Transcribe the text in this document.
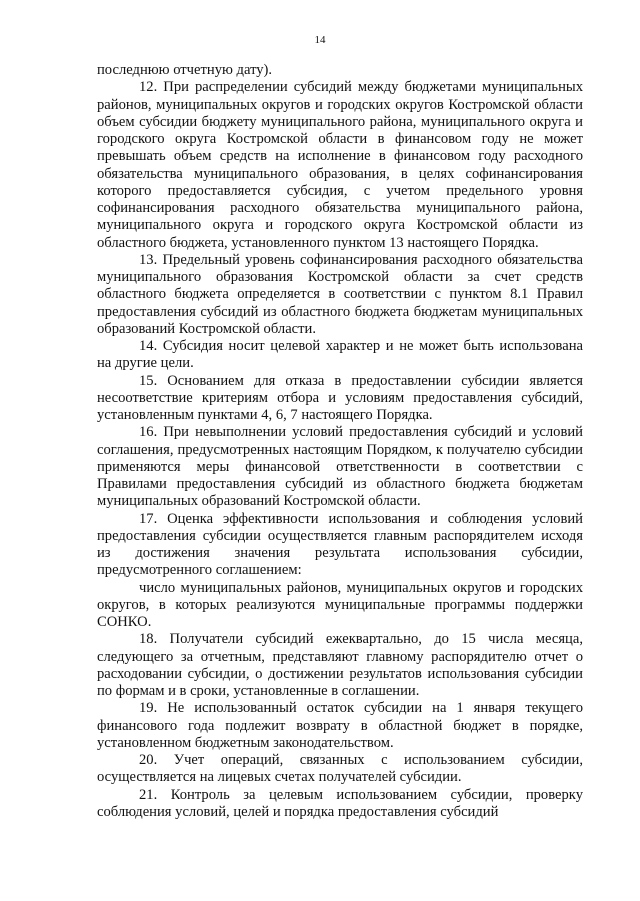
14

последнюю отчетную дату).

12. При распределении субсидий между бюджетами муниципальных районов, муниципальных округов и городских округов Костромской области объем субсидии бюджету муниципального района, муниципального округа и городского округа Костромской области в финансовом году не может превышать объем средств на исполнение в финансовом году расходного обязательства муниципального образования, в целях софинансирования которого предоставляется субсидия, с учетом предельного уровня софинансирования расходного обязательства муниципального района, муниципального округа и городского округа Костромской области из областного бюджета, установленного пунктом 13 настоящего Порядка.

13. Предельный уровень софинансирования расходного обязательства муниципального образования Костромской области за счет средств областного бюджета определяется в соответствии с пунктом 8.1 Правил предоставления субсидий из областного бюджета бюджетам муниципальных образований Костромской области.

14. Субсидия носит целевой характер и не может быть использована на другие цели.

15. Основанием для отказа в предоставлении субсидии является несоответствие критериям отбора и условиям предоставления субсидий, установленным пунктами 4, 6, 7 настоящего Порядка.

16. При невыполнении условий предоставления субсидий и условий соглашения, предусмотренных настоящим Порядком, к получателю субсидии применяются меры финансовой ответственности в соответствии с Правилами предоставления субсидий из областного бюджета бюджетам муниципальных образований Костромской области.

17. Оценка эффективности использования и соблюдения условий предоставления субсидии осуществляется главным распорядителем исходя из достижения значения результата использования субсидии, предусмотренного соглашением:

число муниципальных районов, муниципальных округов и городских округов, в которых реализуются муниципальные программы поддержки СОНКО.

18. Получатели субсидий ежеквартально, до 15 числа месяца, следующего за отчетным, представляют главному распорядителю отчет о расходовании субсидии, о достижении результатов использования субсидии по формам и в сроки, установленные в соглашении.

19. Не использованный остаток субсидии на 1 января текущего финансового года подлежит возврату в областной бюджет в порядке, установленном бюджетным законодательством.

20. Учет операций, связанных с использованием субсидии, осуществляется на лицевых счетах получателей субсидии.

21. Контроль за целевым использованием субсидии, проверку соблюдения условий, целей и порядка предоставления субсидий
